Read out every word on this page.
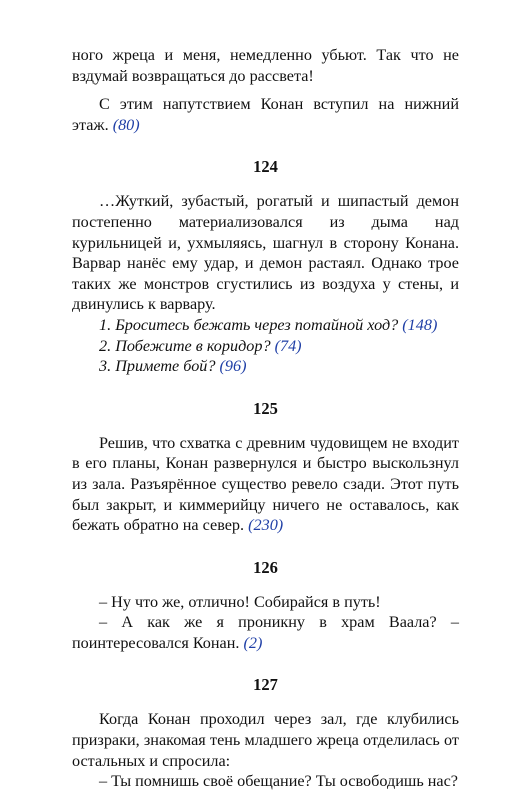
ного жреца и меня, немедленно убьют. Так что не вздумай возвращаться до рассвета!

С этим напутствием Конан вступил на нижний этаж. (80)

124

…Жуткий, зубастый, рогатый и шипастый демон постепенно материализовался из дыма над курильницей и, ухмыляясь, шагнул в сторону Конана. Варвар нанёс ему удар, и демон растаял. Однако трое таких же монстров сгустились из воздуха у стены, и двинулись к варвару.

1. Броситесь бежать через потайной ход? (148)

2. Побежите в коридор? (74)

3. Примете бой? (96)

125

Решив, что схватка с древним чудовищем не входит в его планы, Конан развернулся и быстро выскользнул из зала. Разъярённое существо ревело сзади. Этот путь был закрыт, и киммерийцу ничего не оставалось, как бежать обратно на север. (230)

126

– Ну что же, отлично! Собирайся в путь!

– А как же я проникну в храм Ваала? – поинтересовался Конан. (2)

127

Когда Конан проходил через зал, где клубились призраки, знакомая тень младшего жреца отделилась от остальных и спросила:

– Ты помнишь своё обещание? Ты освободишь нас?
